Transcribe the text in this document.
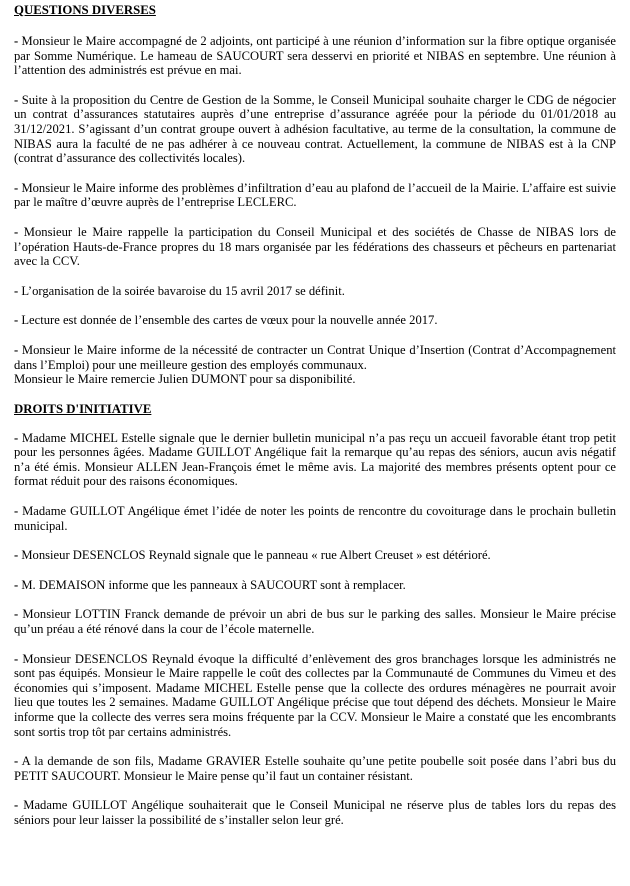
QUESTIONS DIVERSES

- Monsieur le Maire accompagné de 2 adjoints, ont participé à une réunion d’information sur la fibre optique organisée par Somme Numérique. Le hameau de SAUCOURT sera desservi en priorité et NIBAS en septembre. Une réunion à l’attention des administrés est prévue en mai.

- Suite à la proposition du Centre de Gestion de la Somme, le Conseil Municipal souhaite charger le CDG de négocier un contrat d’assurances statutaires auprès d’une entreprise d’assurance agréée pour la période du 01/01/2018 au 31/12/2021. S’agissant d’un contrat groupe ouvert à adhésion facultative, au terme de la consultation, la commune de NIBAS aura la faculté de ne pas adhérer à ce nouveau contrat. Actuellement, la commune de NIBAS est à la CNP (contrat d’assurance des collectivités locales).

- Monsieur le Maire informe des problèmes d’infiltration d’eau au plafond de l’accueil de la Mairie. L’affaire est suivie par le maître d’œuvre auprès de l’entreprise LECLERC.

- Monsieur le Maire rappelle la participation du Conseil Municipal et des sociétés de Chasse de NIBAS lors de l’opération Hauts-de-France propres du 18 mars organisée par les fédérations des chasseurs et pêcheurs en partenariat avec la CCV.

- L’organisation de la soirée bavaroise du 15 avril 2017 se définit.

- Lecture est donnée de l’ensemble des cartes de vœux pour la nouvelle année 2017.

- Monsieur le Maire informe de la nécessité de contracter un Contrat Unique d’Insertion (Contrat d’Accompagnement dans l’Emploi) pour une meilleure gestion des employés communaux.
Monsieur le Maire remercie Julien DUMONT pour sa disponibilité.

DROITS D'INITIATIVE

- Madame MICHEL Estelle signale que le dernier bulletin municipal n’a pas reçu un accueil favorable étant trop petit pour les personnes âgées. Madame GUILLOT Angélique fait la remarque qu’au repas des séniors, aucun avis négatif n’a été émis. Monsieur ALLEN Jean-François émet le même avis. La majorité des membres présents optent pour ce format réduit pour des raisons économiques.

- Madame GUILLOT Angélique émet l’idée de noter les points de rencontre du covoiturage dans le prochain bulletin municipal.

- Monsieur DESENCLOS Reynald signale que le panneau « rue Albert Creuset » est détérioré.

- M. DEMAISON informe que les panneaux à SAUCOURT sont à remplacer.

- Monsieur LOTTIN Franck demande de prévoir un abri de bus sur le parking des salles. Monsieur le Maire précise qu’un préau a été rénové dans la cour de l’école maternelle.

- Monsieur DESENCLOS Reynald évoque la difficulté d’enlèvement des gros branchages lorsque les administrés ne sont pas équipés. Monsieur le Maire rappelle le coût des collectes par la Communauté de Communes du Vimeu et des économies qui s’imposent. Madame MICHEL Estelle pense que la collecte des ordures ménagères ne pourrait avoir lieu que toutes les 2 semaines. Madame GUILLOT Angélique précise que tout dépend des déchets. Monsieur le Maire informe que la collecte des verres sera moins fréquente par la CCV. Monsieur le Maire a constaté que les encombrants sont sortis trop tôt par certains administrés.

- A la demande de son fils, Madame GRAVIER Estelle souhaite qu’une petite poubelle soit posée dans l’abri bus du PETIT SAUCOURT. Monsieur le Maire pense qu’il faut un container résistant.

- Madame GUILLOT Angélique souhaiterait que le Conseil Municipal ne réserve plus de tables lors du repas des séniors pour leur laisser la possibilité de s’installer selon leur gré.
